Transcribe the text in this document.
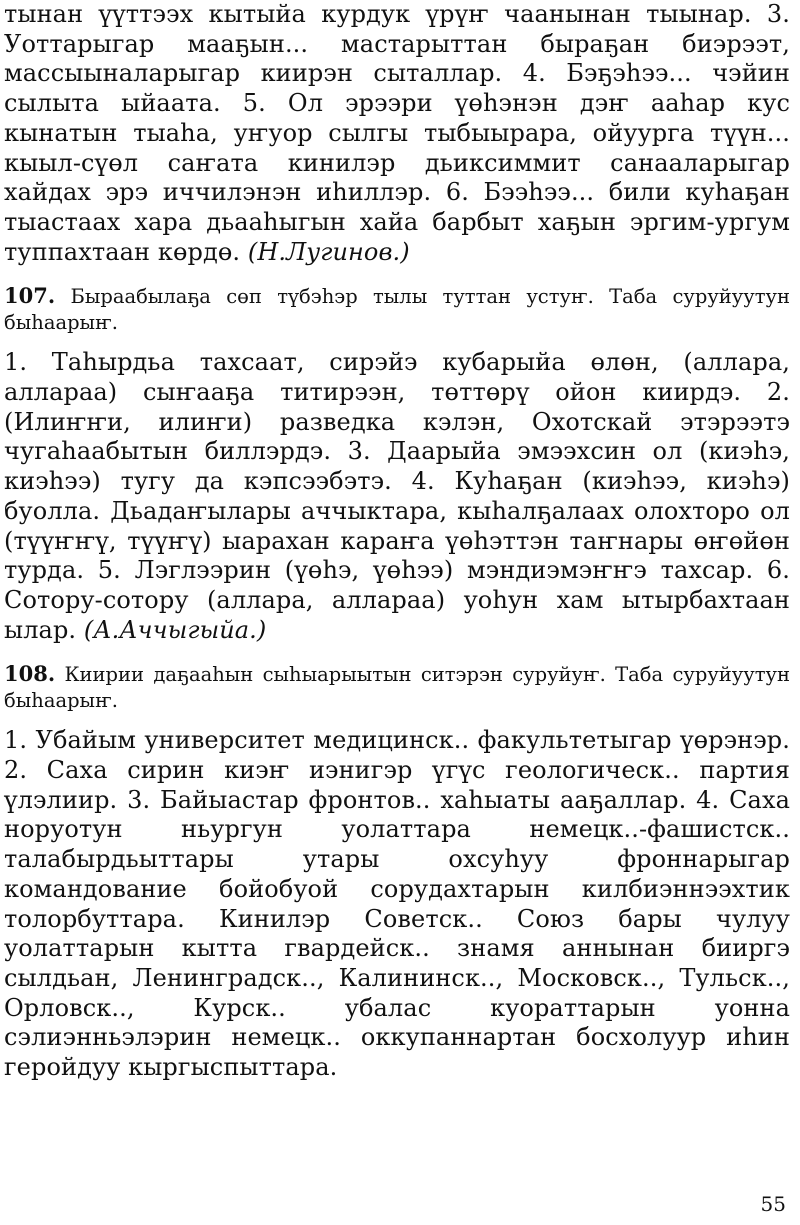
тынан үүттээх кытыйа курдук үрүҥ чаанынан тыынар. 3. Уоттарыгар мааҕын... мастарыттан быраҕан биэрээт, массыыналарыгар киирэн сыталлар. 4. Бэҕэһээ... чэйин сылыта ыйаата. 5. Ол эрээри үөһэнэн дэҥ ааһар кус кынатын тыаһа, уҥуор сылгы тыбыырара, ойуурга түүн... кыыл-сүөл саҥата кинилэр дьиксиммит санааларыгар хайдах эрэ иччилэнэн иһиллэр. 6. Бээһээ... били куһаҕан тыастаах хара дьааһыгын хайа барбыт хаҕын эргим-ургум туппахтаан көрдө. (Н.Лугинов.)

107. Быраабылаҕа сөп түбэһэр тылы туттан устуҥ. Таба суруйуутун быһаарыҥ.

1. Таһырдьа тахсаат, сирэйэ кубарыйа өлөн, (аллара, аллараа) сыҥааҕа титирээн, төттөрү ойон киирдэ. 2. (Илиҥҥи, илиҥи) разведка кэлэн, Охотскай этэрээтэ чугаһаабытын биллэрдэ. 3. Даарыйа эмээхсин ол (киэһэ, киэһээ) тугу да кэпсээбэтэ. 4. Куһаҕан (киэһээ, киэһэ) буолла. Дьадаҥылары аччыктара, кыһалҕалаах олохторо ол (түүҥҥү, түүҥү) ыарахан караҥа үөһэттэн таҥнары өҥөйөн турда. 5. Лэглээрин (үөһэ, үөһээ) мэндиэмэҥҥэ тахсар. 6. Сотору-сотору (аллара, аллараа) уоһун хам ытырбахтаан ылар. (А.Аччыгыйа.)

108. Киирии даҕааһын сыһыарыытын ситэрэн суруйуҥ. Таба суруйуутун быһаарыҥ.

1. Убайым университет медицинск.. факультетыгар үөрэнэр. 2. Саха сирин киэҥ иэнигэр үгүс геологическ.. партия үлэлиир. 3. Байыастар фронтов.. хаһыаты ааҕаллар. 4. Саха норуотун ньургун уолаттара немецк..-фашистск.. талабырдьыттары утары охсуһуу фроннарыгар командование бойобуой сорудахтарын килбиэннээхтик толорбуттара. Кинилэр Советск.. Союз бары чулуу уолаттарын кытта гвардейск.. знамя аннынан бииргэ сылдьан, Ленинградск.., Калининск.., Московск.., Тульск.., Орловск.., Курск.. убалас куораттарын уонна сэлиэнньэлэрин немецк.. оккупаннартан босхолуур иһин геройдуу кыргыспыттара.

55
